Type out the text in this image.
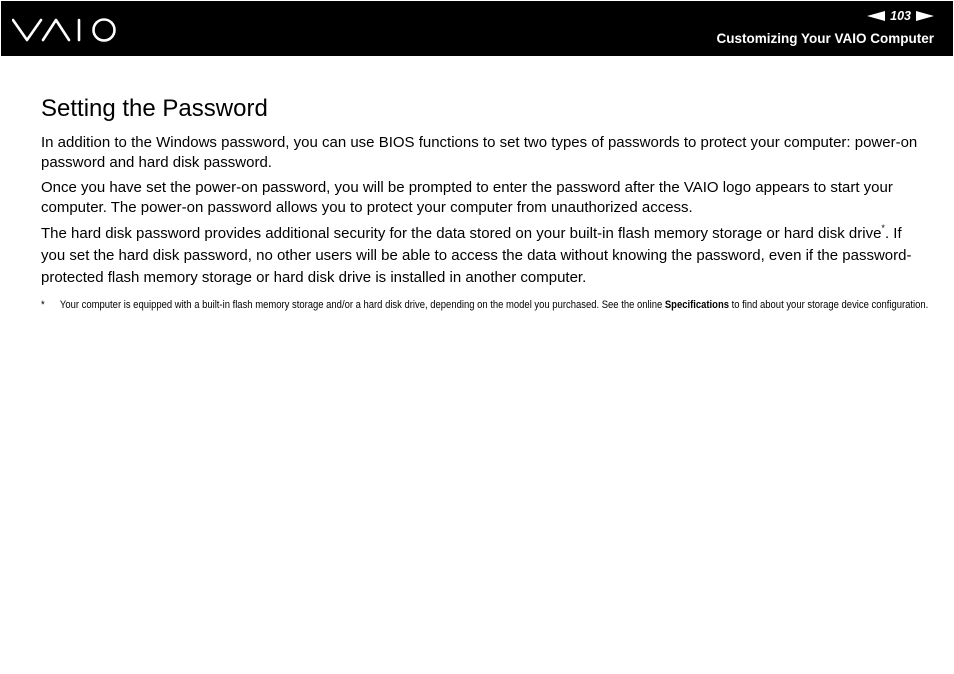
103
Customizing Your VAIO Computer
Setting the Password

In addition to the Windows password, you can use BIOS functions to set two types of passwords to protect your computer: power-on password and hard disk password.

Once you have set the power-on password, you will be prompted to enter the password after the VAIO logo appears to start your computer. The power-on password allows you to protect your computer from unauthorized access.

The hard disk password provides additional security for the data stored on your built-in flash memory storage or hard disk drive*. If you set the hard disk password, no other users will be able to access the data without knowing the password, even if the password-protected flash memory storage or hard disk drive is installed in another computer.

* Your computer is equipped with a built-in flash memory storage and/or a hard disk drive, depending on the model you purchased. See the online Specifications to find about your storage device configuration.
